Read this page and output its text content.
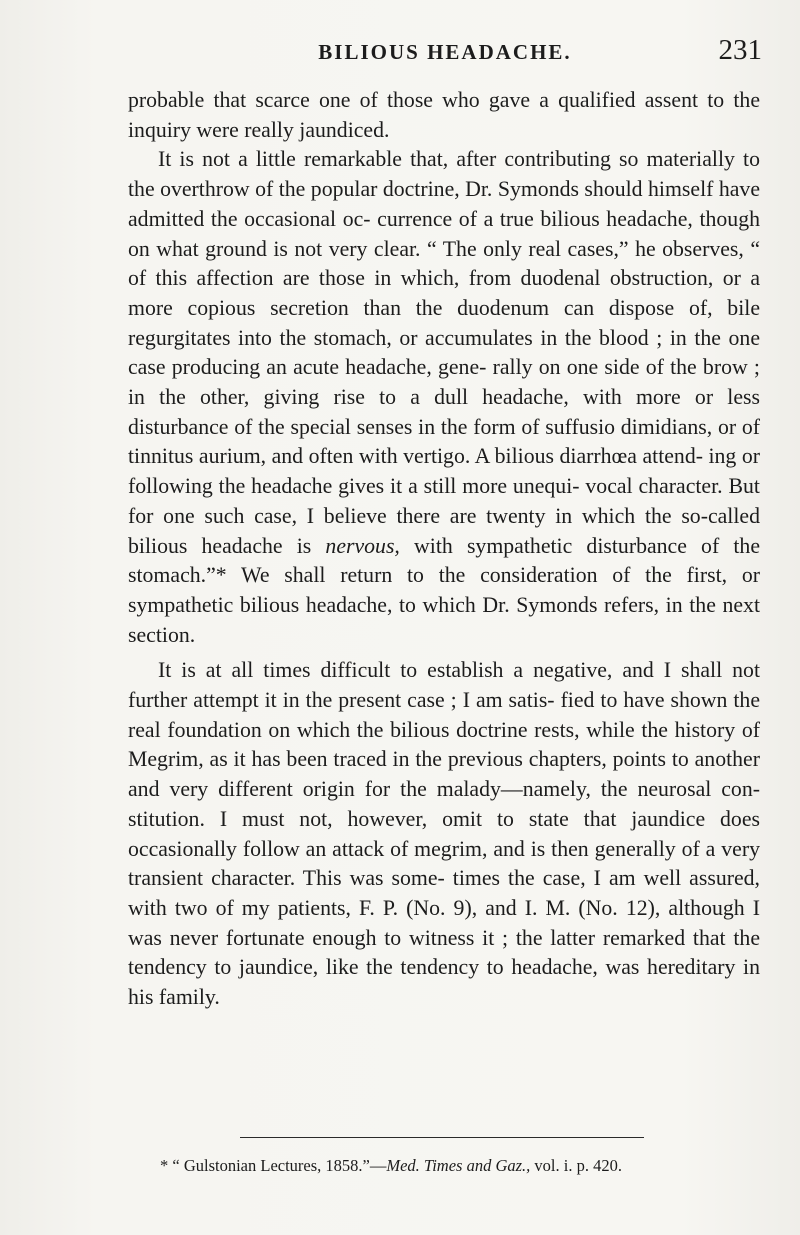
BILIOUS HEADACHE.	231

probable that scarce one of those who gave a qualified assent to the inquiry were really jaundiced.

It is not a little remarkable that, after contributing so materially to the overthrow of the popular doctrine, Dr. Symonds should himself have admitted the occasional oc- currence of a true bilious headache, though on what ground is not very clear. “ The only real cases,” he observes, “ of this affection are those in which, from duodenal obstruction, or a more copious secretion than the duodenum can dispose of, bile regurgitates into the stomach, or accumulates in the blood ; in the one case producing an acute headache, gene- rally on one side of the brow ; in the other, giving rise to a dull headache, with more or less disturbance of the special senses in the form of suffusio dimidians, or of tinnitus aurium, and often with vertigo. A bilious diarrhœa attend- ing or following the headache gives it a still more unequi- vocal character. But for one such case, I believe there are twenty in which the so-called bilious headache is nervous, with sympathetic disturbance of the stomach.”* We shall return to the consideration of the first, or sympathetic bilious headache, to which Dr. Symonds refers, in the next section.

It is at all times difficult to establish a negative, and I shall not further attempt it in the present case ; I am satis- fied to have shown the real foundation on which the bilious doctrine rests, while the history of Megrim, as it has been traced in the previous chapters, points to another and very different origin for the malady—namely, the neurosal con- stitution. I must not, however, omit to state that jaundice does occasionally follow an attack of megrim, and is then generally of a very transient character. This was some- times the case, I am well assured, with two of my patients, F. P. (No. 9), and I. M. (No. 12), although I was never fortunate enough to witness it ; the latter remarked that the tendency to jaundice, like the tendency to headache, was hereditary in his family.

* “ Gulstonian Lectures, 1858.”—Med. Times and Gaz., vol. i. p. 420.
